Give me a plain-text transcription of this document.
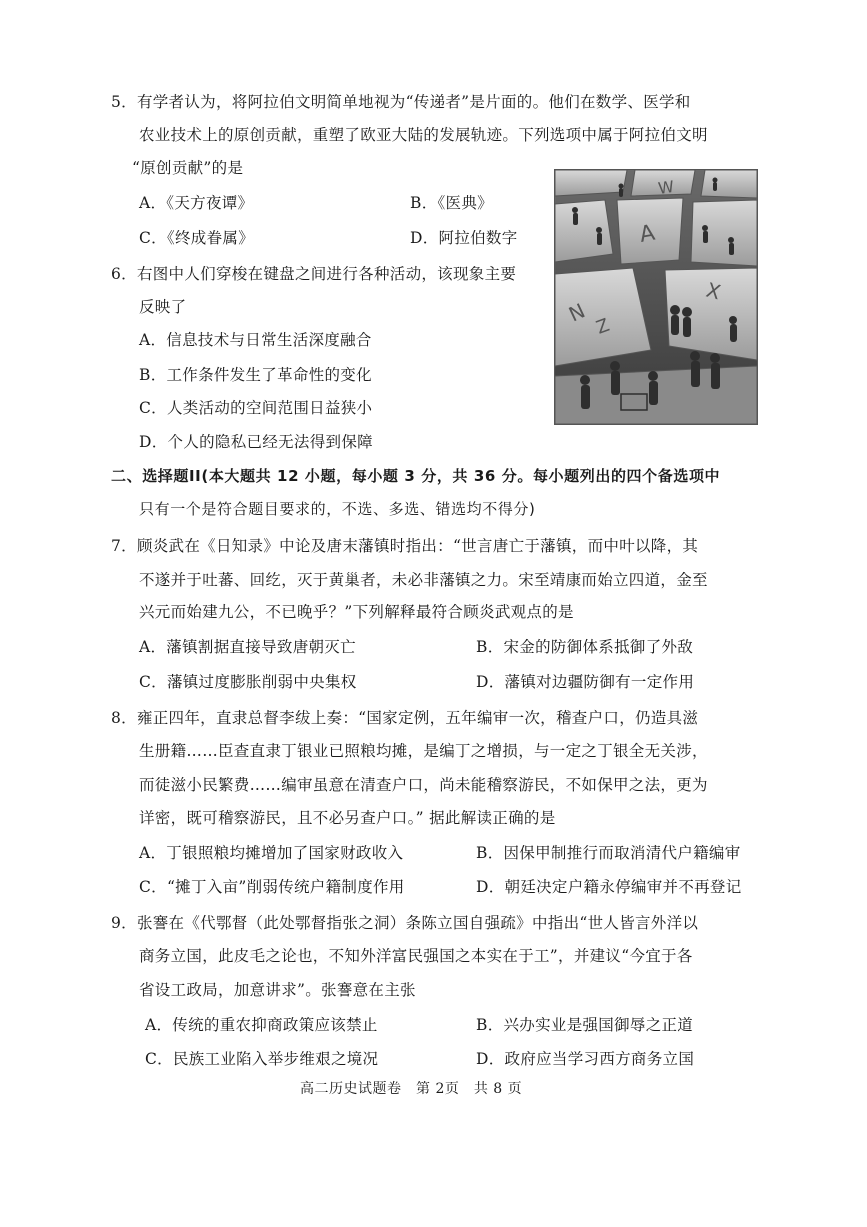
5．有学者认为，将阿拉伯文明简单地视为“传递者”是片面的。他们在数学、医学和
农业技术上的原创贡献，重塑了欧亚大陆的发展轨迹。下列选项中属于阿拉伯文明
“原创贡献”的是
A．《天方夜谭》	B．《医典》
C．《终成眷属》	D．阿拉伯数字
W
A
N
X
Z
6．右图中人们穿梭在键盘之间进行各种活动，该现象主要
反映了
A．信息技术与日常生活深度融合
B．工作条件发生了革命性的变化
C．人类活动的空间范围日益狭小
D．个人的隐私已经无法得到保障
二、选择题II(本大题共 12 小题，每小题 3 分，共 36 分。每小题列出的四个备选项中
只有一个是符合题目要求的，不选、多选、错选均不得分)
7．顾炎武在《日知录》中论及唐末藩镇时指出：“世言唐亡于藩镇，而中叶以降，其
不遂并于吐蕃、回纥，灭于黄巢者，未必非藩镇之力。宋至靖康而始立四道，金至
兴元而始建九公，不已晚乎？”下列解释最符合顾炎武观点的是
A．藩镇割据直接导致唐朝灭亡	B．宋金的防御体系抵御了外敌
C．藩镇过度膨胀削弱中央集权	D．藩镇对边疆防御有一定作用
8．雍正四年，直隶总督李绂上奏：“国家定例，五年编审一次，稽查户口，仍造具滋
生册籍……臣查直隶丁银业已照粮均摊，是编丁之增损，与一定之丁银全无关涉，
而徒滋小民繁费……编审虽意在清查户口，尚未能稽察游民，不如保甲之法，更为
详密，既可稽察游民，且不必另查户口。” 据此解读正确的是
A．丁银照粮均摊增加了国家财政收入	B．因保甲制推行而取消清代户籍编审
C．“摊丁入亩”削弱传统户籍制度作用	D．朝廷决定户籍永停编审并不再登记
9．张謇在《代鄂督（此处鄂督指张之洞）条陈立国自强疏》中指出“世人皆言外洋以
商务立国，此皮毛之论也，不知外洋富民强国之本实在于工”，并建议“今宜于各
省设工政局，加意讲求”。张謇意在主张
A．传统的重农抑商政策应该禁止	B．兴办实业是强国御辱之正道
C．民族工业陷入举步维艰之境况	D．政府应当学习西方商务立国
高二历史试题卷　第 2页　共 8 页
